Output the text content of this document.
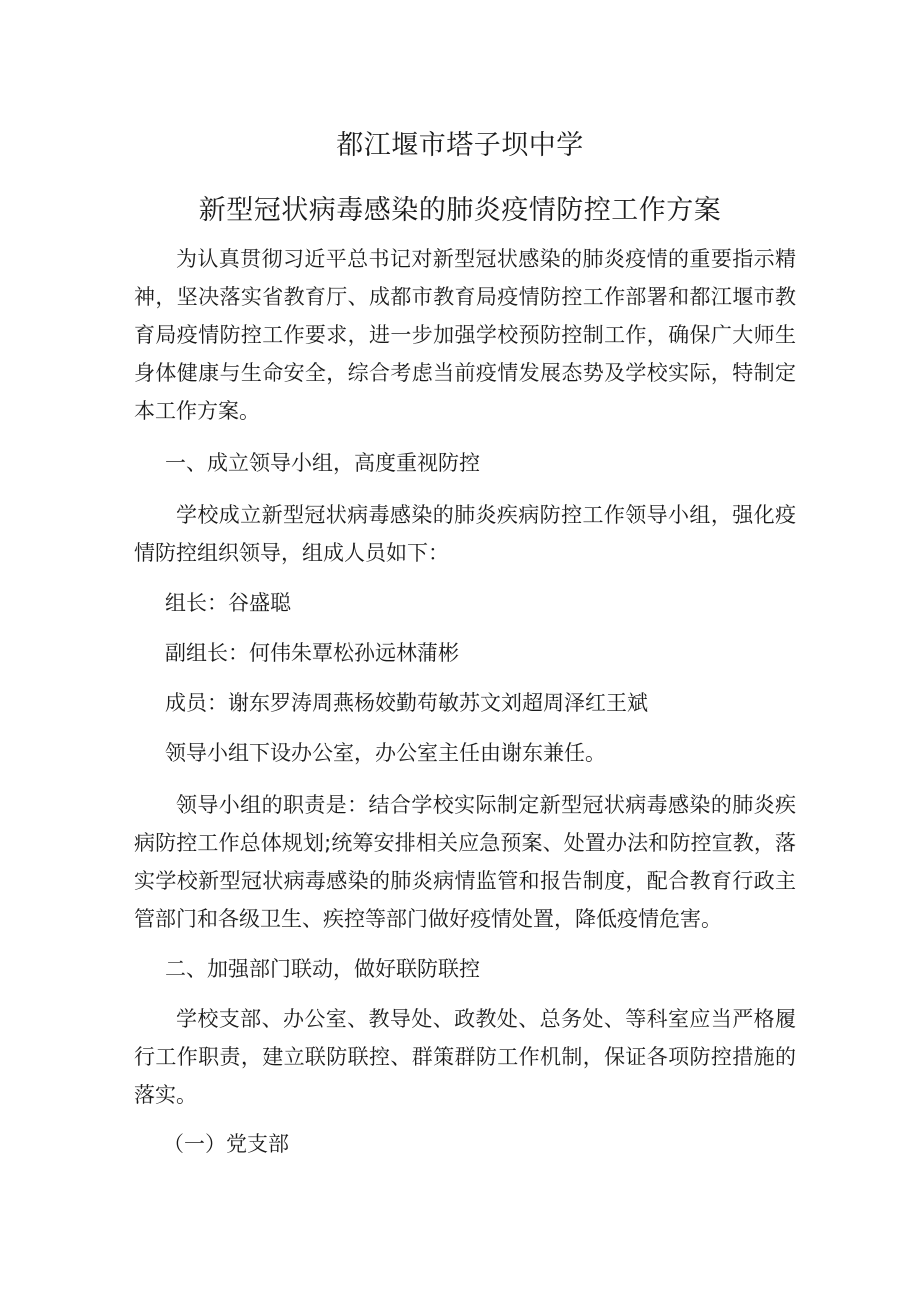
都江堰市塔子坝中学
新型冠状病毒感染的肺炎疫情防控工作方案
为认真贯彻习近平总书记对新型冠状感染的肺炎疫情的重要指示精神，坚决落实省教育厅、成都市教育局疫情防控工作部署和都江堰市教育局疫情防控工作要求，进一步加强学校预防控制工作，确保广大师生身体健康与生命安全，综合考虑当前疫情发展态势及学校实际，特制定本工作方案。
一、成立领导小组，高度重视防控
学校成立新型冠状病毒感染的肺炎疾病防控工作领导小组，强化疫情防控组织领导，组成人员如下：
组长：谷盛聪
副组长：何伟朱覃松孙远林蒲彬
成员：谢东罗涛周燕杨姣勤苟敏苏文刘超周泽红王斌
领导小组下设办公室，办公室主任由谢东兼任。
领导小组的职责是：结合学校实际制定新型冠状病毒感染的肺炎疾病防控工作总体规划;统筹安排相关应急预案、处置办法和防控宣教，落实学校新型冠状病毒感染的肺炎病情监管和报告制度，配合教育行政主管部门和各级卫生、疾控等部门做好疫情处置，降低疫情危害。
二、加强部门联动，做好联防联控
学校支部、办公室、教导处、政教处、总务处、等科室应当严格履行工作职责，建立联防联控、群策群防工作机制，保证各项防控措施的落实。
（一）党支部
